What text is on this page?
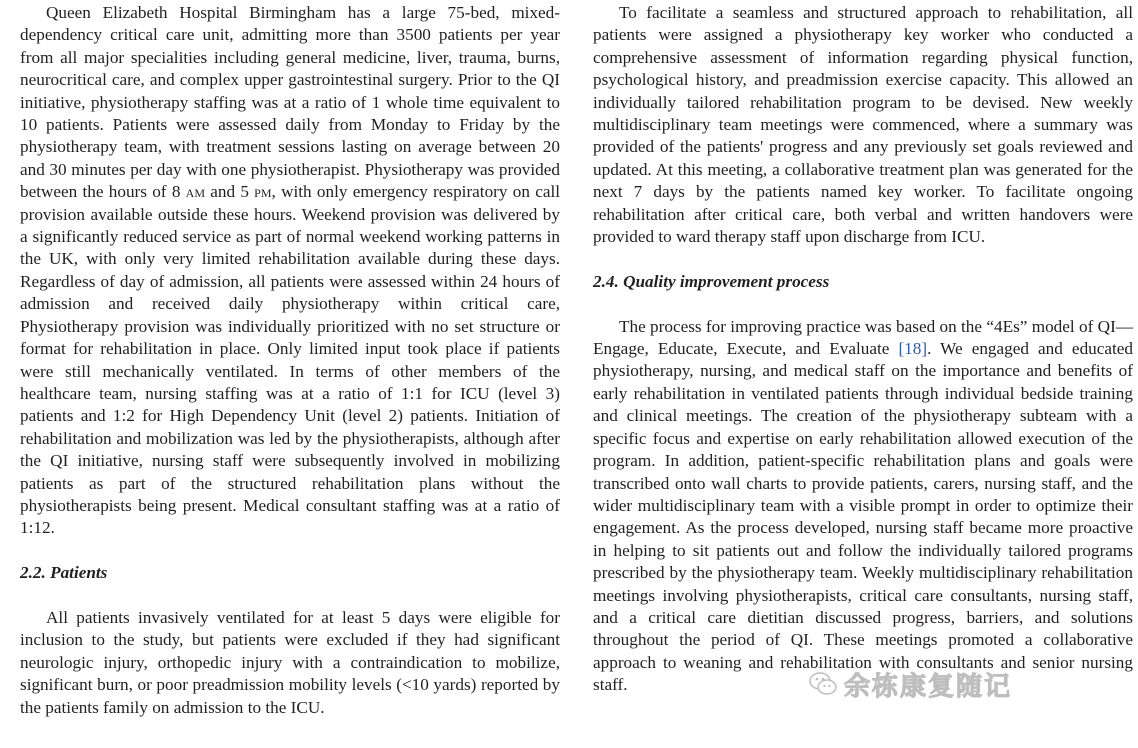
Queen Elizabeth Hospital Birmingham has a large 75-bed, mixed-dependency critical care unit, admitting more than 3500 patients per year from all major specialities including general medicine, liver, trauma, burns, neurocritical care, and complex upper gastrointestinal surgery. Prior to the QI initiative, physiotherapy staffing was at a ratio of 1 whole time equivalent to 10 patients. Patients were assessed daily from Monday to Friday by the physiotherapy team, with treatment sessions lasting on average between 20 and 30 minutes per day with one physiotherapist. Physiotherapy was provided between the hours of 8 am and 5 pm, with only emergency respiratory on call provision available outside these hours. Weekend provision was delivered by a significantly reduced service as part of normal weekend working patterns in the UK, with only very limited rehabilitation available during these days. Regardless of day of admission, all patients were assessed within 24 hours of admission and received daily physiotherapy within critical care, Physiotherapy provision was individually prioritized with no set structure or format for rehabilitation in place. Only limited input took place if patients were still mechanically ventilated. In terms of other members of the healthcare team, nursing staffing was at a ratio of 1:1 for ICU (level 3) patients and 1:2 for High Dependency Unit (level 2) patients. Initiation of rehabilitation and mobilization was led by the physiotherapists, although after the QI initiative, nursing staff were subsequently involved in mobilizing patients as part of the structured rehabilitation plans without the physiotherapists being present. Medical consultant staffing was at a ratio of 1:12.

2.2. Patients

All patients invasively ventilated for at least 5 days were eligible for inclusion to the study, but patients were excluded if they had significant neurologic injury, orthopedic injury with a contraindication to mobilize, significant burn, or poor preadmission mobility levels (<10 yards) reported by the patients family on admission to the ICU.

To facilitate a seamless and structured approach to rehabilitation, all patients were assigned a physiotherapy key worker who conducted a comprehensive assessment of information regarding physical function, psychological history, and preadmission exercise capacity. This allowed an individually tailored rehabilitation program to be devised. New weekly multidisciplinary team meetings were commenced, where a summary was provided of the patients' progress and any previously set goals reviewed and updated. At this meeting, a collaborative treatment plan was generated for the next 7 days by the patients named key worker. To facilitate ongoing rehabilitation after critical care, both verbal and written handovers were provided to ward therapy staff upon discharge from ICU.

2.4. Quality improvement process

The process for improving practice was based on the “4Es” model of QI—Engage, Educate, Execute, and Evaluate [18]. We engaged and educated physiotherapy, nursing, and medical staff on the importance and benefits of early rehabilitation in ventilated patients through individual bedside training and clinical meetings. The creation of the physiotherapy subteam with a specific focus and expertise on early rehabilitation allowed execution of the program. In addition, patient-specific rehabilitation plans and goals were transcribed onto wall charts to provide patients, carers, nursing staff, and the wider multidisciplinary team with a visible prompt in order to optimize their engagement. As the process developed, nursing staff became more proactive in helping to sit patients out and follow the individually tailored programs prescribed by the physiotherapy team. Weekly multidisciplinary rehabilitation meetings involving physiotherapists, critical care consultants, nursing staff, and a critical care dietitian discussed progress, barriers, and solutions throughout the period of QI. These meetings promoted a collaborative approach to weaning and rehabilitation with consultants and senior nursing staff.	余栋康复随记
